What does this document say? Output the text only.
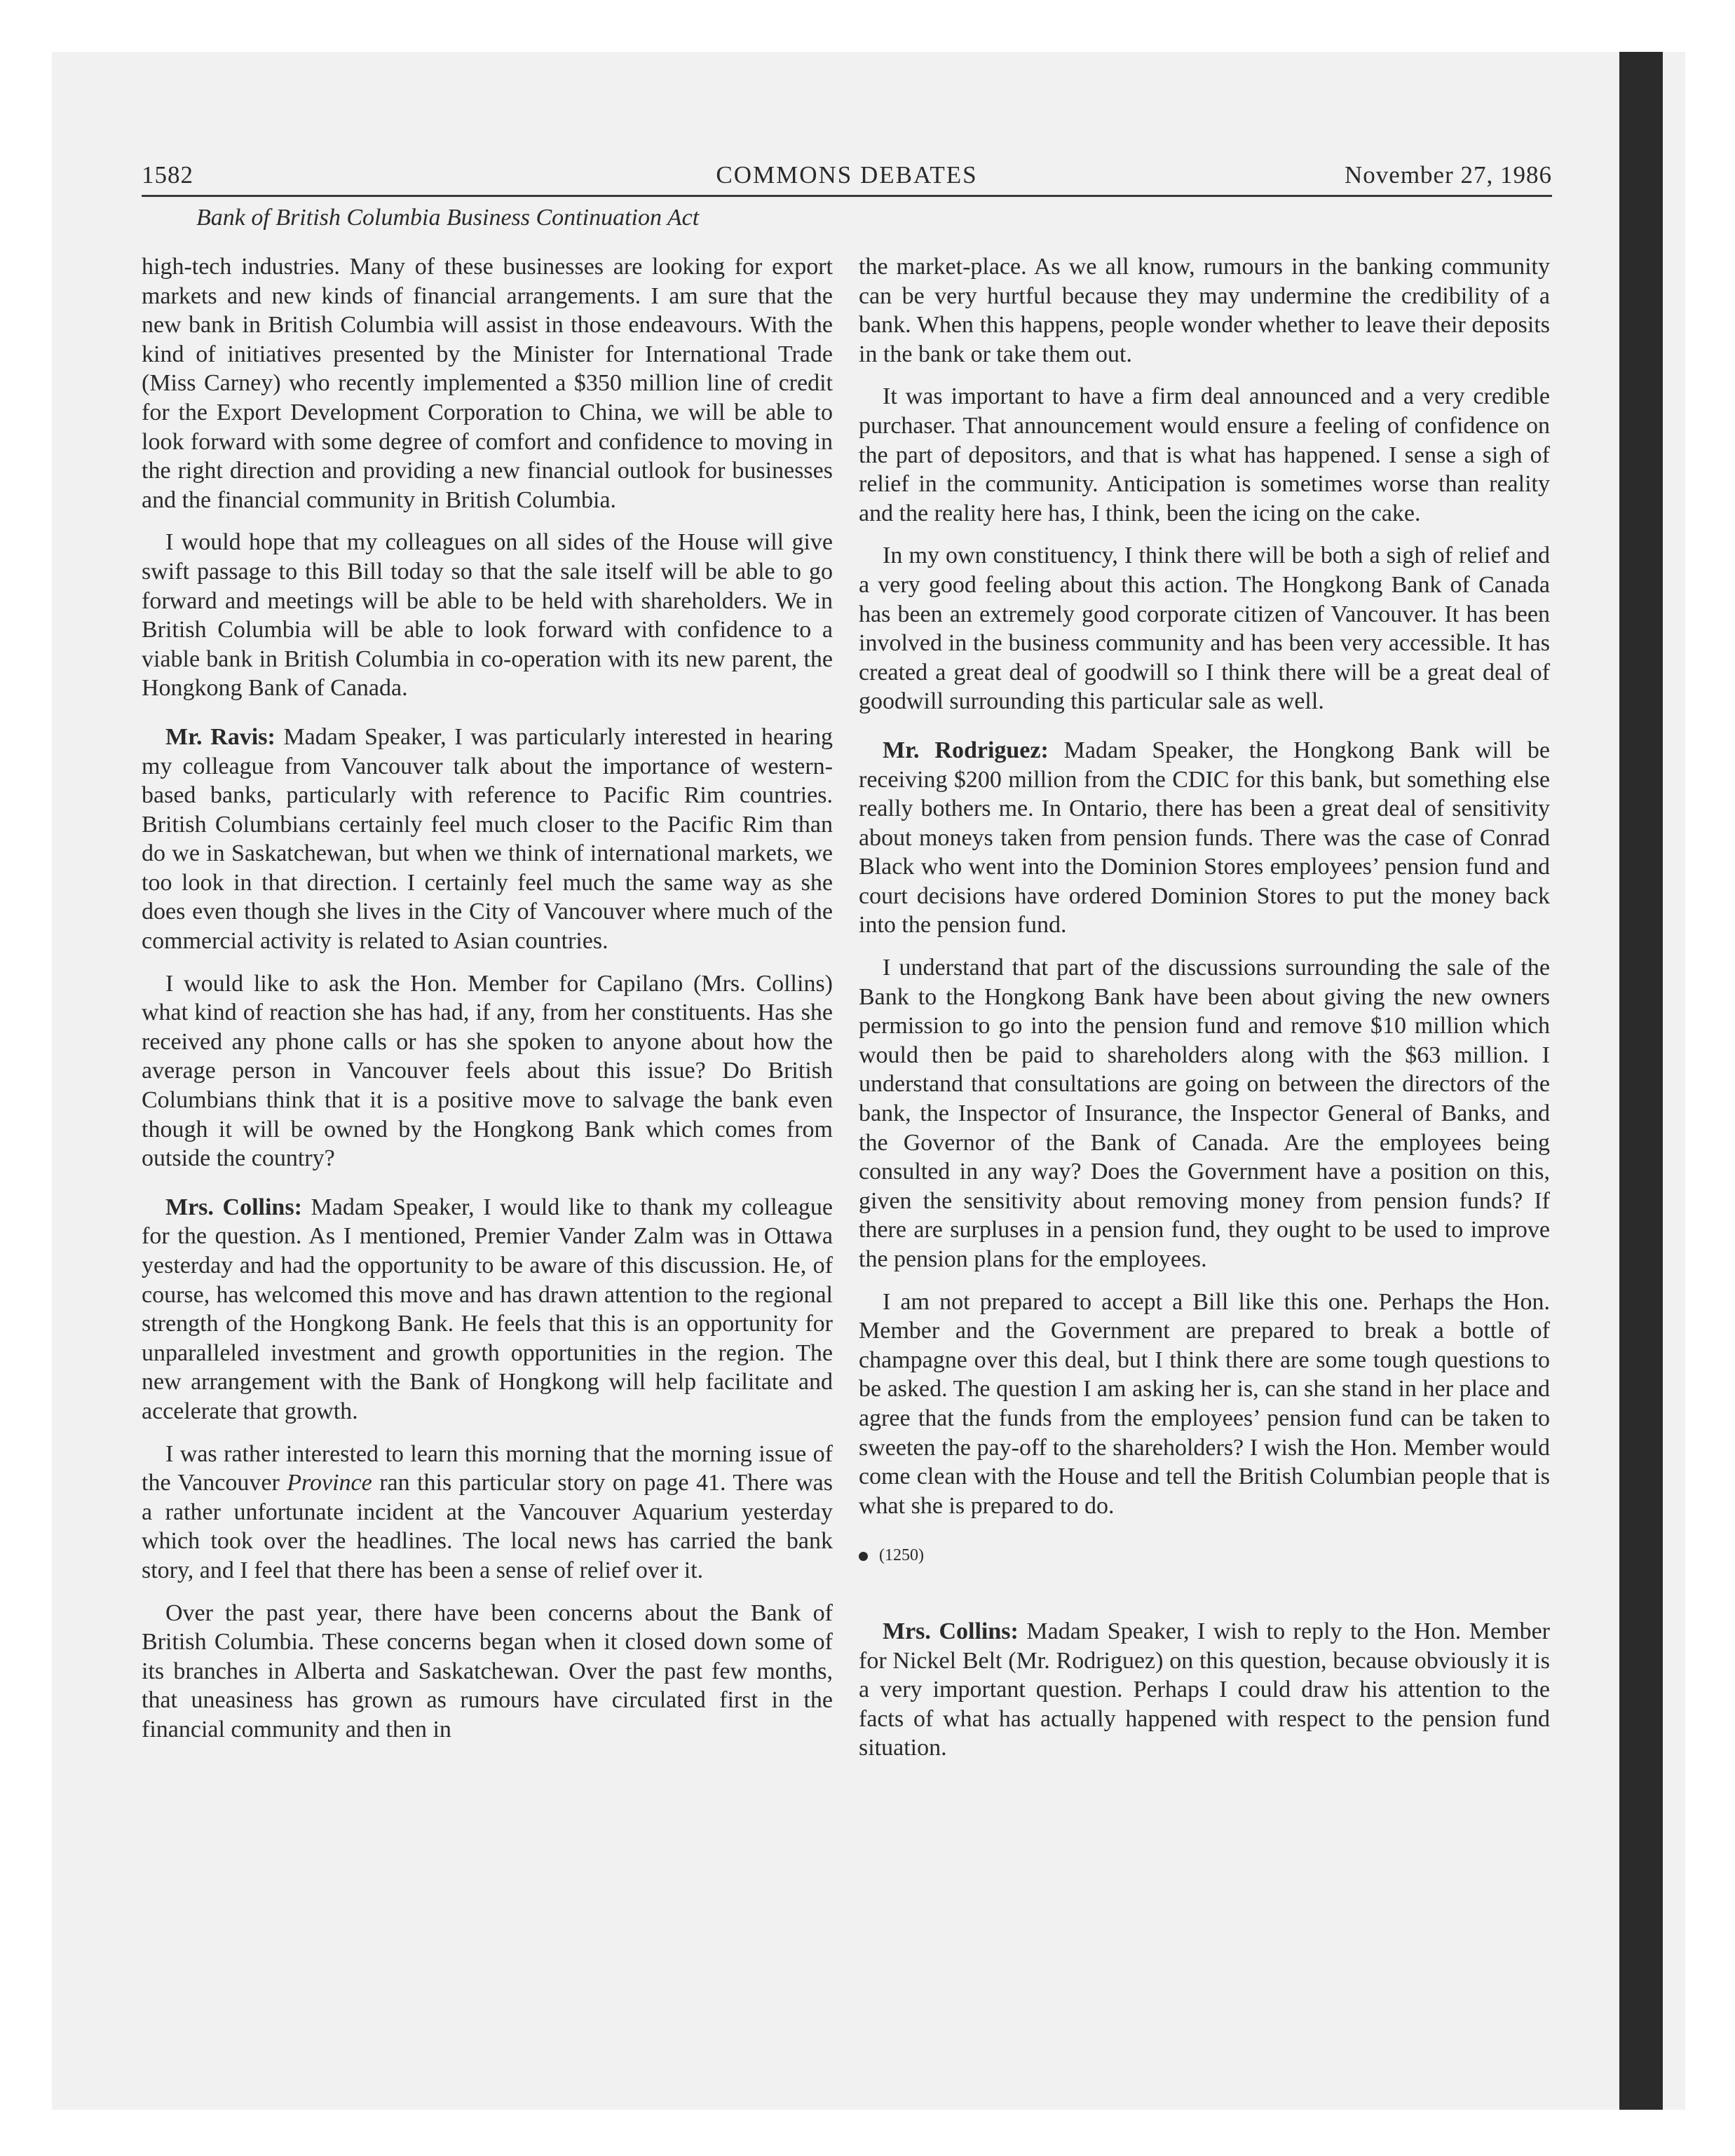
1582	COMMONS DEBATES	November 27, 1986
Bank of British Columbia Business Continuation Act

high-tech industries. Many of these businesses are looking for export markets and new kinds of financial arrangements. I am sure that the new bank in British Columbia will assist in those endeavours. With the kind of initiatives presented by the Minister for International Trade (Miss Carney) who recently implemented a $350 million line of credit for the Export Development Corporation to China, we will be able to look forward with some degree of comfort and confidence to moving in the right direction and providing a new financial outlook for businesses and the financial community in British Columbia.

I would hope that my colleagues on all sides of the House will give swift passage to this Bill today so that the sale itself will be able to go forward and meetings will be able to be held with shareholders. We in British Columbia will be able to look forward with confidence to a viable bank in British Columbia in co-operation with its new parent, the Hongkong Bank of Canada.

Mr. Ravis: Madam Speaker, I was particularly interested in hearing my colleague from Vancouver talk about the importance of western-based banks, particularly with reference to Pacific Rim countries. British Columbians certainly feel much closer to the Pacific Rim than do we in Saskatchewan, but when we think of international markets, we too look in that direction. I certainly feel much the same way as she does even though she lives in the City of Vancouver where much of the commercial activity is related to Asian countries.

I would like to ask the Hon. Member for Capilano (Mrs. Collins) what kind of reaction she has had, if any, from her constituents. Has she received any phone calls or has she spoken to anyone about how the average person in Vancouver feels about this issue? Do British Columbians think that it is a positive move to salvage the bank even though it will be owned by the Hongkong Bank which comes from outside the country?

Mrs. Collins: Madam Speaker, I would like to thank my colleague for the question. As I mentioned, Premier Vander Zalm was in Ottawa yesterday and had the opportunity to be aware of this discussion. He, of course, has welcomed this move and has drawn attention to the regional strength of the Hongkong Bank. He feels that this is an opportunity for unparalleled investment and growth opportunities in the region. The new arrangement with the Bank of Hongkong will help facilitate and accelerate that growth.

I was rather interested to learn this morning that the morning issue of the Vancouver Province ran this particular story on page 41. There was a rather unfortunate incident at the Vancouver Aquarium yesterday which took over the headlines. The local news has carried the bank story, and I feel that there has been a sense of relief over it.

Over the past year, there have been concerns about the Bank of British Columbia. These concerns began when it closed down some of its branches in Alberta and Saskatchewan. Over the past few months, that uneasiness has grown as rumours have circulated first in the financial community and then in

the market-place. As we all know, rumours in the banking community can be very hurtful because they may undermine the credibility of a bank. When this happens, people wonder whether to leave their deposits in the bank or take them out.

It was important to have a firm deal announced and a very credible purchaser. That announcement would ensure a feeling of confidence on the part of depositors, and that is what has happened. I sense a sigh of relief in the community. Anticipation is sometimes worse than reality and the reality here has, I think, been the icing on the cake.

In my own constituency, I think there will be both a sigh of relief and a very good feeling about this action. The Hongkong Bank of Canada has been an extremely good corporate citizen of Vancouver. It has been involved in the business community and has been very accessible. It has created a great deal of goodwill so I think there will be a great deal of goodwill surrounding this particular sale as well.

Mr. Rodriguez: Madam Speaker, the Hongkong Bank will be receiving $200 million from the CDIC for this bank, but something else really bothers me. In Ontario, there has been a great deal of sensitivity about moneys taken from pension funds. There was the case of Conrad Black who went into the Dominion Stores employees’ pension fund and court decisions have ordered Dominion Stores to put the money back into the pension fund.

I understand that part of the discussions surrounding the sale of the Bank to the Hongkong Bank have been about giving the new owners permission to go into the pension fund and remove $10 million which would then be paid to shareholders along with the $63 million. I understand that consultations are going on between the directors of the bank, the Inspector of Insurance, the Inspector General of Banks, and the Governor of the Bank of Canada. Are the employees being consulted in any way? Does the Government have a position on this, given the sensitivity about removing money from pension funds? If there are surpluses in a pension fund, they ought to be used to improve the pension plans for the employees.

I am not prepared to accept a Bill like this one. Perhaps the Hon. Member and the Government are prepared to break a bottle of champagne over this deal, but I think there are some tough questions to be asked. The question I am asking her is, can she stand in her place and agree that the funds from the employees’ pension fund can be taken to sweeten the pay-off to the shareholders? I wish the Hon. Member would come clean with the House and tell the British Columbian people that is what she is prepared to do.

(1250)

Mrs. Collins: Madam Speaker, I wish to reply to the Hon. Member for Nickel Belt (Mr. Rodriguez) on this question, because obviously it is a very important question. Perhaps I could draw his attention to the facts of what has actually happened with respect to the pension fund situation.
